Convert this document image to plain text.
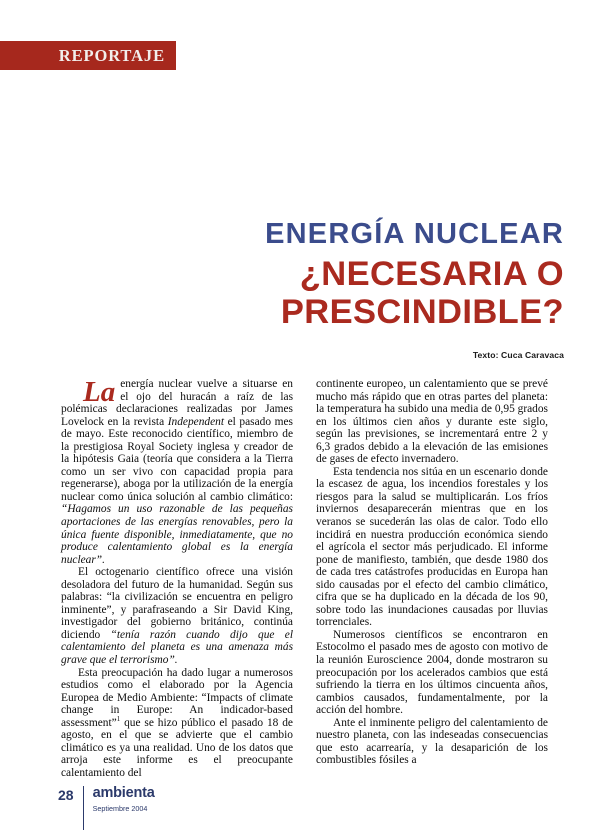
REPORTAJE
ENERGÍA NUCLEAR
¿NECESARIA O
PRESCINDIBLE?
Texto: Cuca Caravaca

La energía nuclear vuelve a situarse en el ojo del huracán a raíz de las polémicas declaraciones realizadas por James Lovelock en la revista Independent el pasado mes de mayo. Este reconocido científico, miembro de la prestigiosa Royal Society inglesa y creador de la hipótesis Gaia (teoría que considera a la Tierra como un ser vivo con capacidad propia para regenerarse), aboga por la utilización de la energía nuclear como única solución al cambio climático: “Hagamos un uso razonable de las pequeñas aportaciones de las energías renovables, pero la única fuente disponible, inmediatamente, que no produce calentamiento global es la energía nuclear”.

El octogenario científico ofrece una visión desoladora del futuro de la humanidad. Según sus palabras: “la civilización se encuentra en peligro inminente”, y parafraseando a Sir David King, investigador del gobierno británico, continúa diciendo “tenía razón cuando dijo que el calentamiento del planeta es una amenaza más grave que el terrorismo”.

Esta preocupación ha dado lugar a numerosos estudios como el elaborado por la Agencia Europea de Medio Ambiente: “Impacts of climate change in Europe: An indicador-based assessment”$^1$ que se hizo público el pasado 18 de agosto, en el que se advierte que el cambio climático es ya una realidad. Uno de los datos que arroja este informe es el preocupante calentamiento del

continente europeo, un calentamiento que se prevé mucho más rápido que en otras partes del planeta: la temperatura ha subido una media de 0,95 grados en los últimos cien años y durante este siglo, según las previsiones, se incrementará entre 2 y 6,3 grados debido a la elevación de las emisiones de gases de efecto invernadero.

Esta tendencia nos sitúa en un escenario donde la escasez de agua, los incendios forestales y los riesgos para la salud se multiplicarán. Los fríos inviernos desaparecerán mientras que en los veranos se sucederán las olas de calor. Todo ello incidirá en nuestra producción económica siendo el agrícola el sector más perjudicado. El informe pone de manifiesto, también, que desde 1980 dos de cada tres catástrofes producidas en Europa han sido causadas por el efecto del cambio climático, cifra que se ha duplicado en la década de los 90, sobre todo las inundaciones causadas por lluvias torrenciales.

Numerosos científicos se encontraron en Estocolmo el pasado mes de agosto con motivo de la reunión Euroscience 2004, donde mostraron su preocupación por los acelerados cambios que está sufriendo la tierra en los últimos cincuenta años, cambios causados, fundamentalmente, por la acción del hombre.

Ante el inminente peligro del calentamiento de nuestro planeta, con las indeseadas consecuencias que esto acarrearía, y la desaparición de los combustibles fósiles a

28	ambienta
Septiembre 2004
